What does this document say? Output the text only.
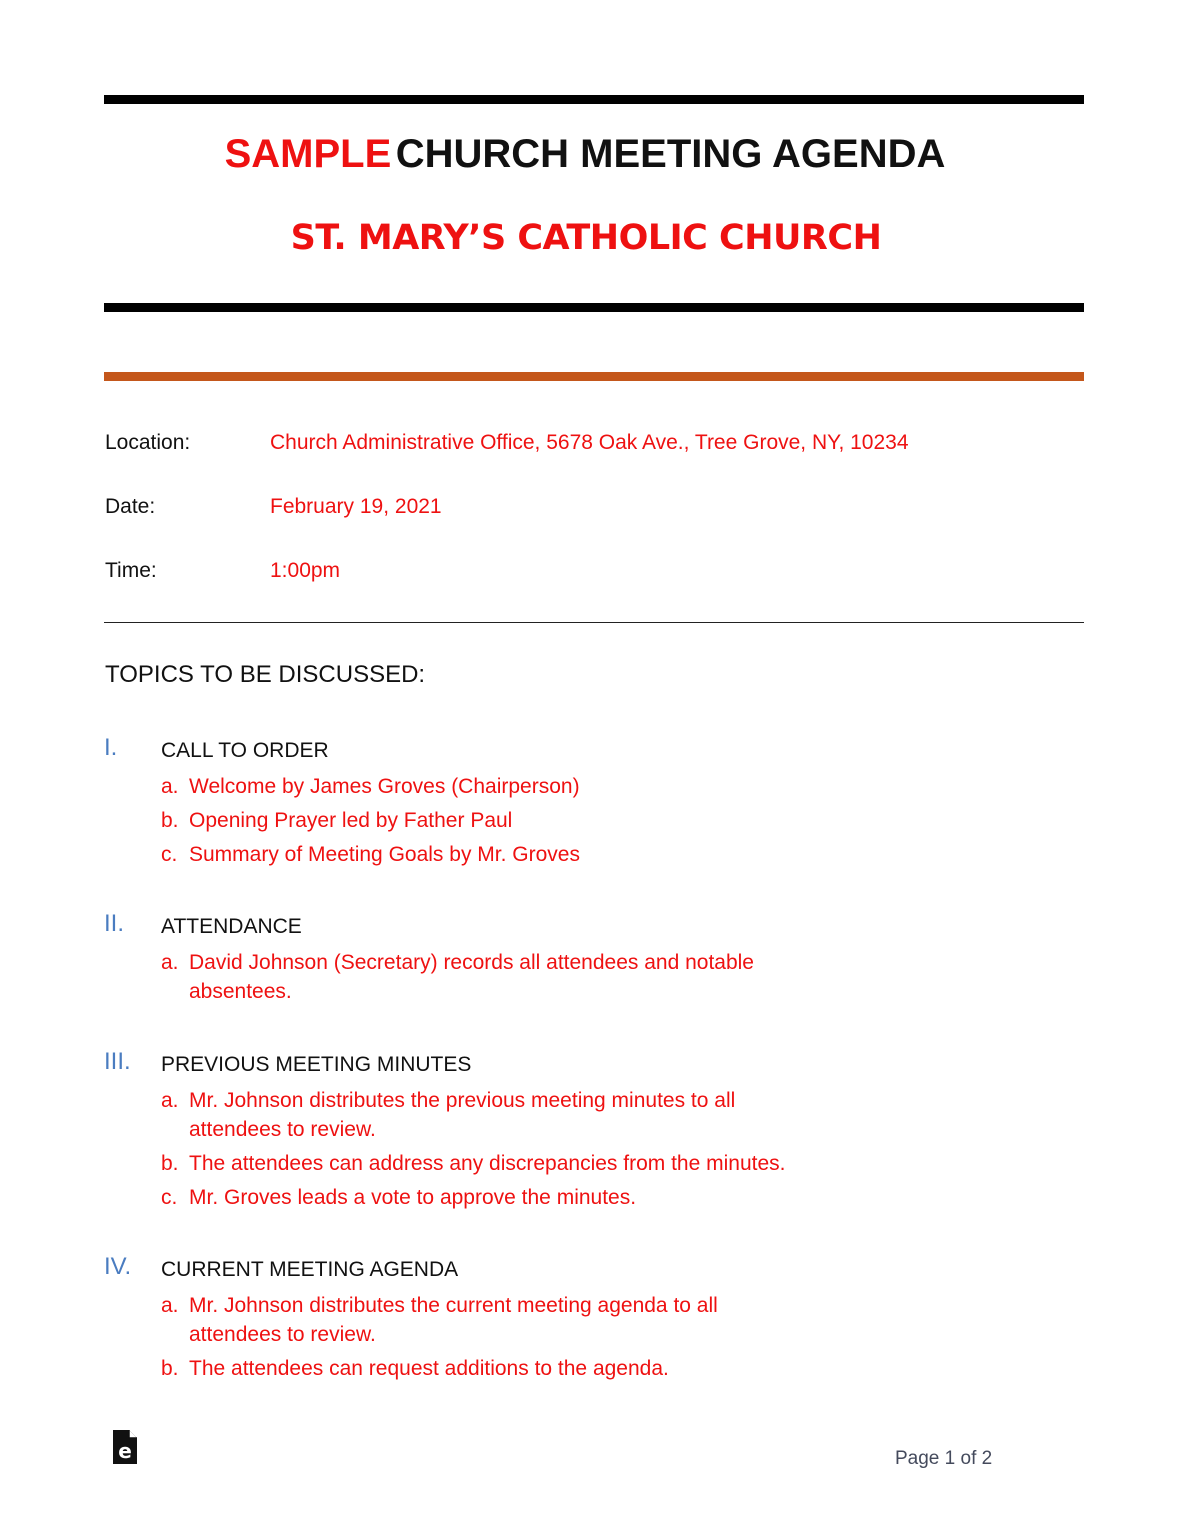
SAMPLE CHURCH MEETING AGENDA
ST. MARY’S CATHOLIC CHURCH
Location:	Church Administrative Office, 5678 Oak Ave., Tree Grove, NY, 10234
Date:	February 19, 2021
Time:	1:00pm
TOPICS TO BE DISCUSSED:
I. CALL TO ORDER
a. Welcome by James Groves (Chairperson)
b. Opening Prayer led by Father Paul
c. Summary of Meeting Goals by Mr. Groves
II. ATTENDANCE
a. David Johnson (Secretary) records all attendees and notable absentees.
III. PREVIOUS MEETING MINUTES
a. Mr. Johnson distributes the previous meeting minutes to all attendees to review.
b. The attendees can address any discrepancies from the minutes.
c. Mr. Groves leads a vote to approve the minutes.
IV. CURRENT MEETING AGENDA
a. Mr. Johnson distributes the current meeting agenda to all attendees to review.
b. The attendees can request additions to the agenda.
e	Page 1 of 2
